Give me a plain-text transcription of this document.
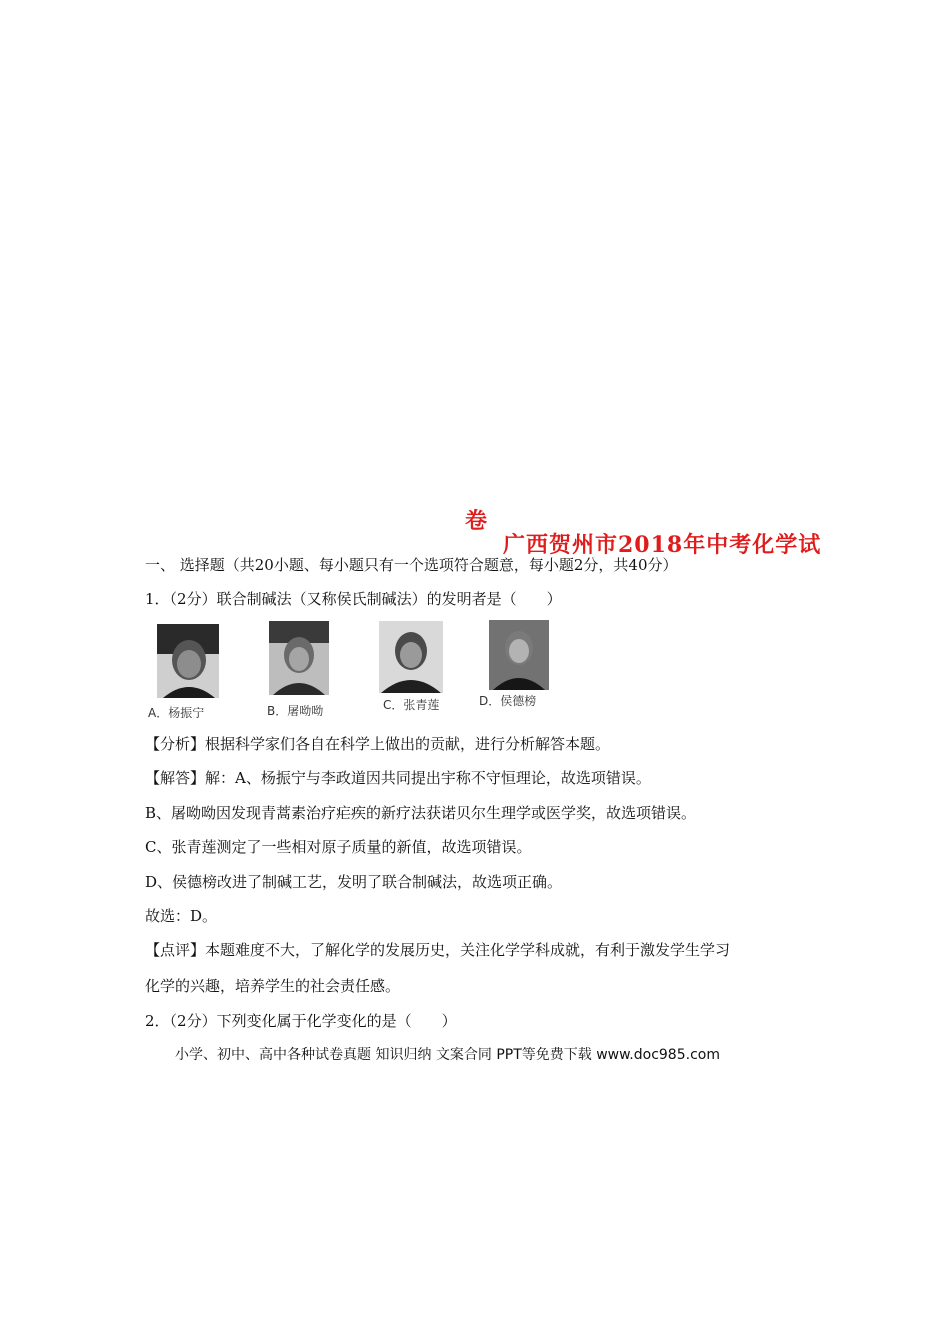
广西贺州市2018年中考化学试
卷
一、 选择题（共20小题、每小题只有一个选项符合题意，每小题2分，共40分）
1．（2分）联合制碱法（又称侯氏制碱法）的发明者是（　　）
A．杨振宁	B．屠呦呦	C．张青莲	D．侯德榜
【分析】根据科学家们各自在科学上做出的贡献，进行分析解答本题。
【解答】解：A、杨振宁与李政道因共同提出宇称不守恒理论，故选项错误。
B、屠呦呦因发现青蒿素治疗疟疾的新疗法获诺贝尔生理学或医学奖，故选项错误。
C、张青莲测定了一些相对原子质量的新值，故选项错误。
D、侯德榜改进了制碱工艺，发明了联合制碱法，故选项正确。
故选：D。
【点评】本题难度不大，了解化学的发展历史，关注化学学科成就，有利于激发学生学习
化学的兴趣，培养学生的社会责任感。
2．（2分）下列变化属于化学变化的是（　　）
小学、初中、高中各种试卷真题 知识归纳 文案合同 PPT等免费下载 www.doc985.com
